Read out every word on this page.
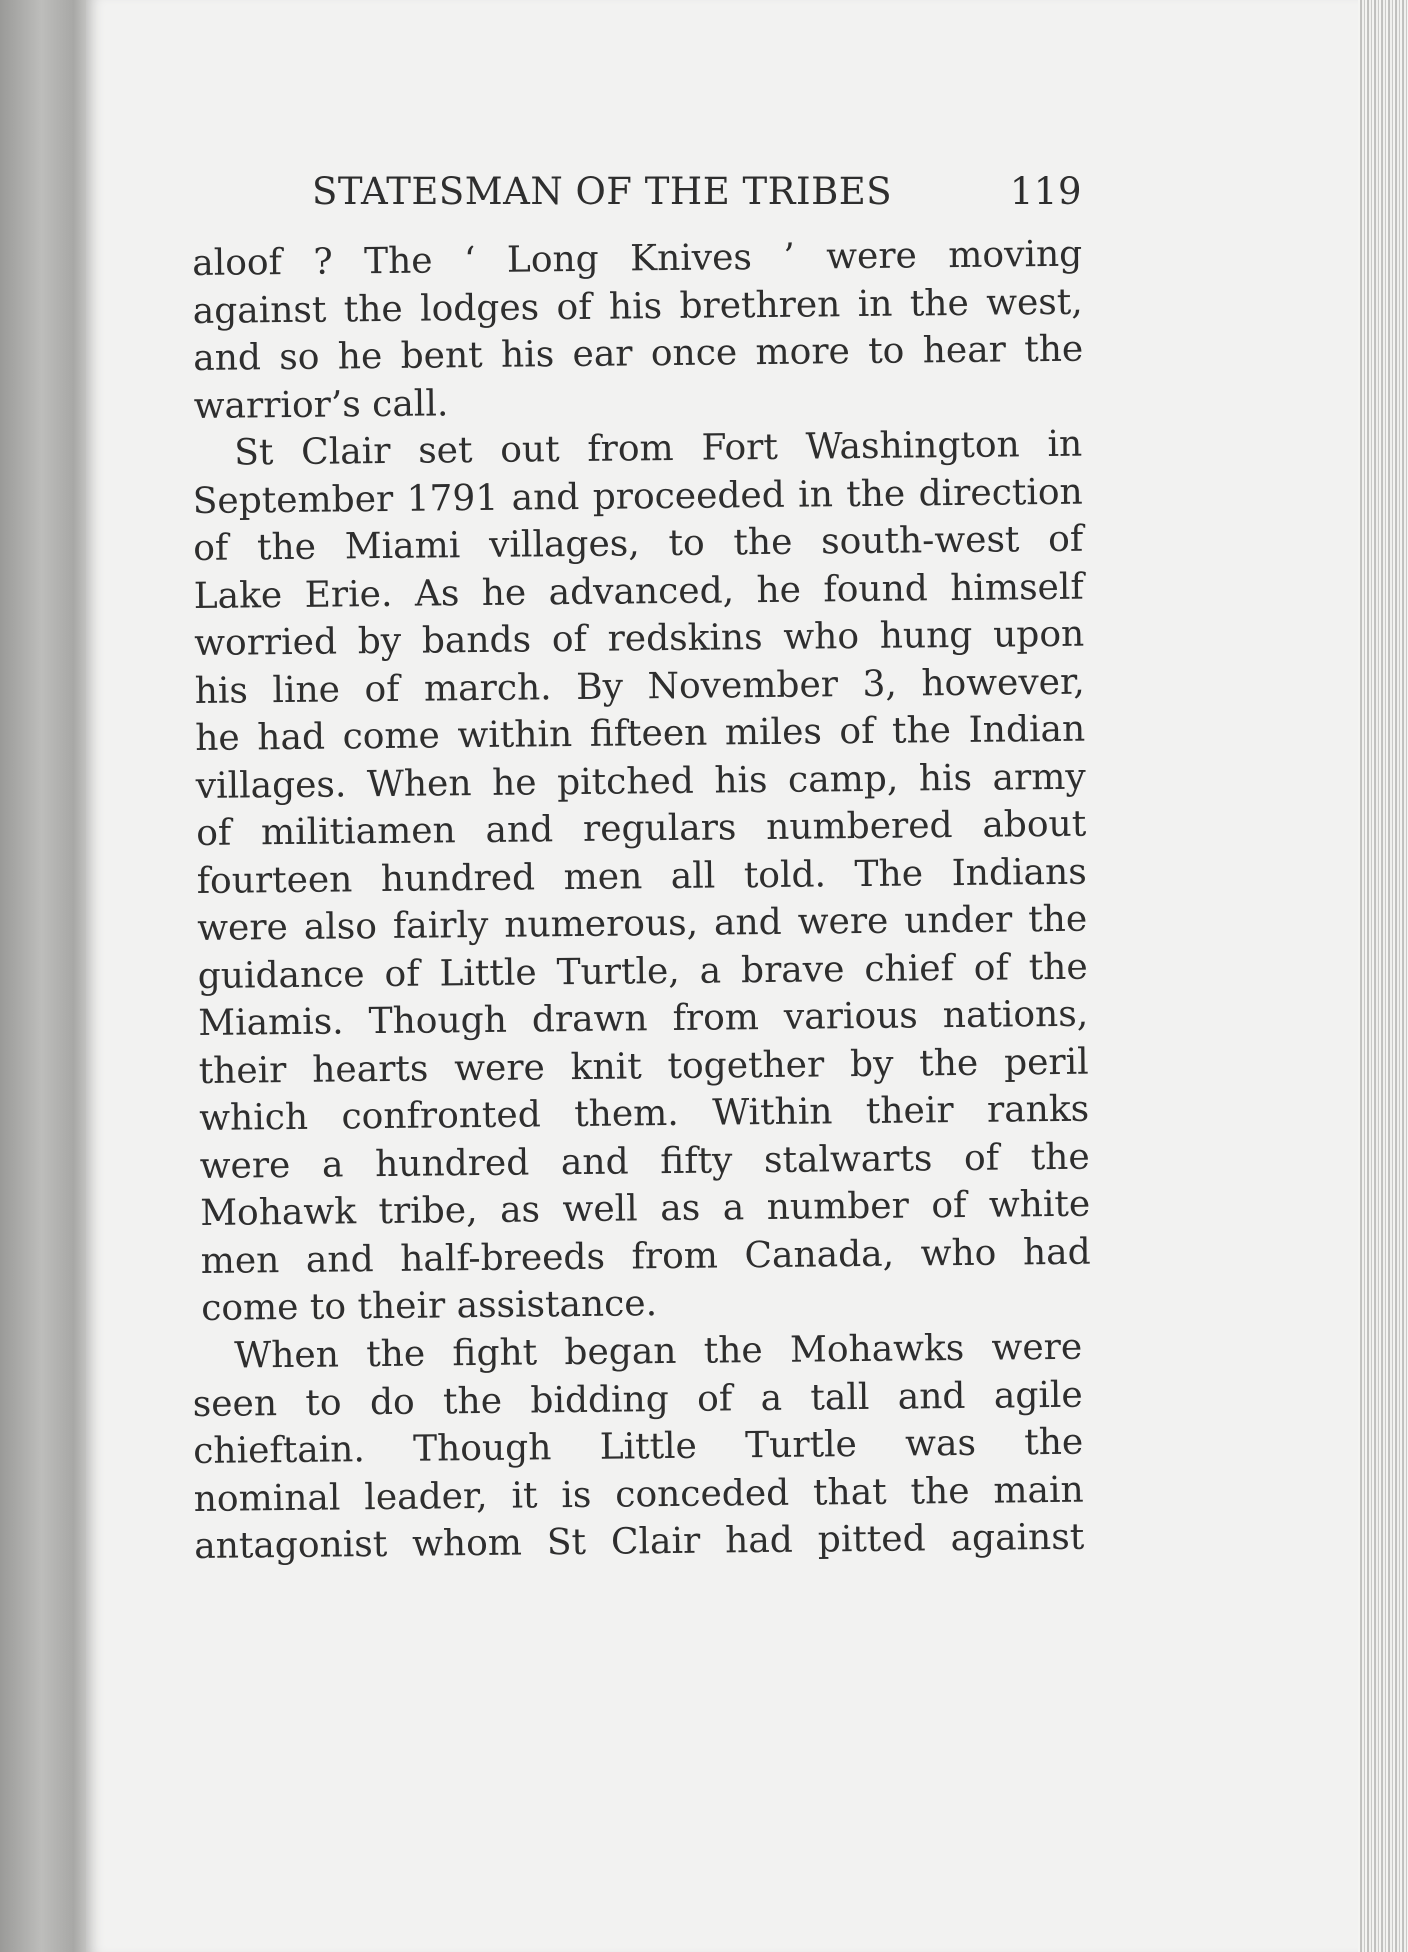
STATESMAN OF THE TRIBES	119

aloof ? The ‘ Long Knives ’ were moving
against the lodges of his brethren in the west,
and so he bent his ear once more to hear the
warrior’s call.

St Clair set out from Fort Washington in
September 1791 and proceeded in the direction
of the Miami villages, to the south-west of
Lake Erie. As he advanced, he found himself
worried by bands of redskins who hung upon
his line of march. By November 3, however,
he had come within fifteen miles of the Indian
villages. When he pitched his camp, his army
of militiamen and regulars numbered about
fourteen hundred men all told. The Indians
were also fairly numerous, and were under the
guidance of Little Turtle, a brave chief of the
Miamis. Though drawn from various nations,
their hearts were knit together by the peril
which confronted them. Within their ranks
were a hundred and fifty stalwarts of the
Mohawk tribe, as well as a number of white
men and half-breeds from Canada, who had
come to their assistance.

When the fight began the Mohawks were
seen to do the bidding of a tall and agile
chieftain. Though Little Turtle was the
nominal leader, it is conceded that the main
antagonist whom St Clair had pitted against
